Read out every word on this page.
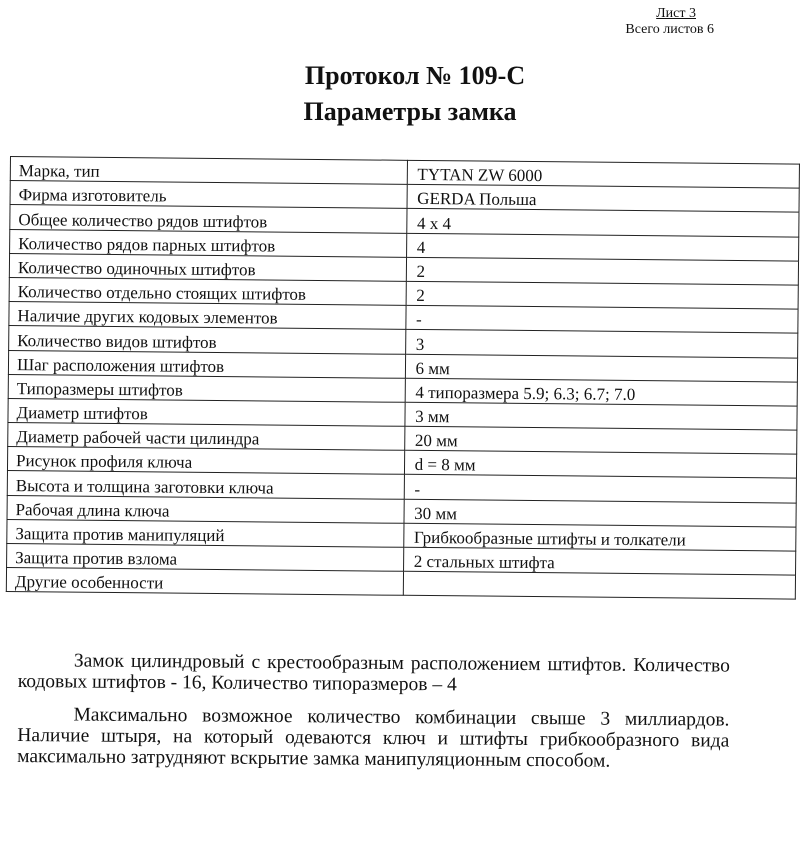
Лист 3
Всего листов 6
Протокол № 109-С
Параметры замка
Марка, тип	TYTAN ZW 6000
Фирма изготовитель	GERDA Польша
Общее количество рядов штифтов	4 х 4
Количество рядов парных штифтов	4
Количество одиночных штифтов	2
Количество отдельно стоящих штифтов	2
Наличие других кодовых элементов	-
Количество видов штифтов	3
Шаг расположения штифтов	6 мм
Типоразмеры штифтов	4 типоразмера 5.9; 6.3; 6.7; 7.0
Диаметр штифтов	3 мм
Диаметр рабочей части цилиндра	20 мм
Рисунок профиля ключа	d = 8 мм
Высота и толщина заготовки ключа	-
Рабочая длина ключа	30 мм
Защита против манипуляций	Грибкообразные штифты и толкатели
Защита против взлома	2 стальных штифта
Другие особенности	

Замок цилиндровый с крестообразным расположением штифтов. Количество кодовых штифтов - 16, Количество типоразмеров – 4

Максимально возможное количество комбинации свыше 3 миллиардов. Наличие штыря, на который одеваются ключ и штифты грибкообразного вида максимально затрудняют вскрытие замка манипуляционным способом.
